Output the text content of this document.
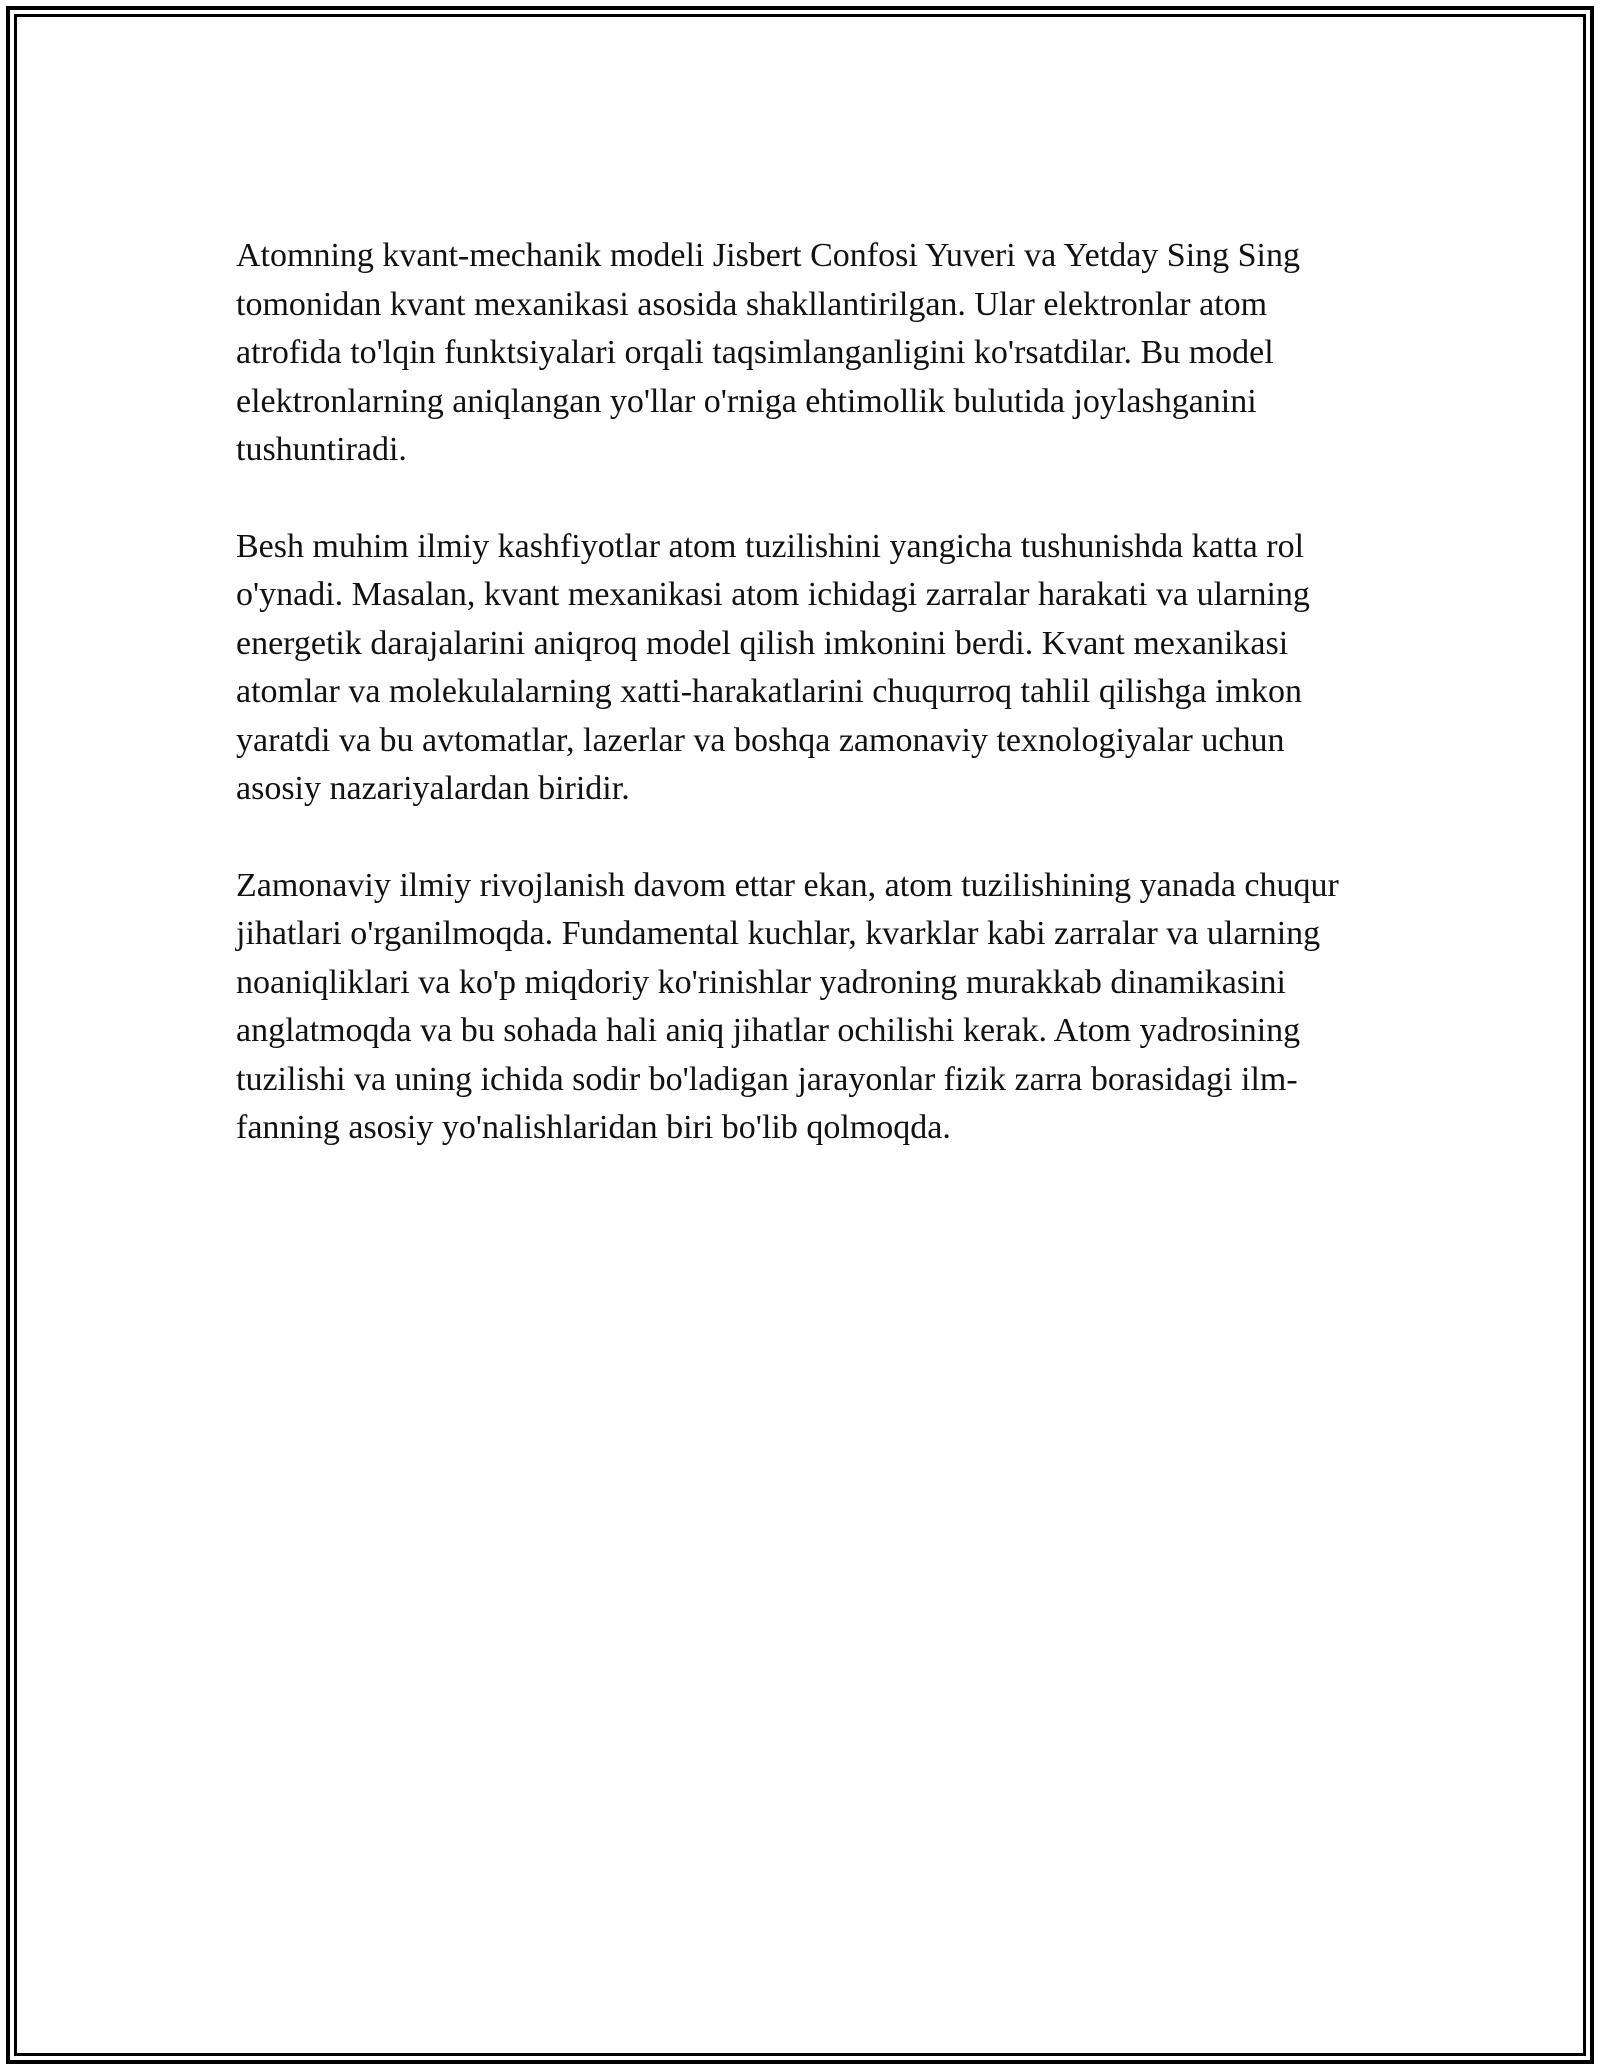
Atomning kvant-mechanik modeli Jisbert Confosi Yuveri va Yetday Sing Sing tomonidan kvant mexanikasi asosida shakllantirilgan. Ular elektronlar atom atrofida to'lqin funktsiyalari orqali taqsimlanganligini ko'rsatdilar. Bu model elektronlarning aniqlangan yo'llar o'rniga ehtimollik bulutida joylashganini tushuntiradi.

Besh muhim ilmiy kashfiyotlar atom tuzilishini yangicha tushunishda katta rol o'ynadi. Masalan, kvant mexanikasi atom ichidagi zarralar harakati va ularning energetik darajalarini aniqroq model qilish imkonini berdi. Kvant mexanikasi atomlar va molekulalarning xatti-harakatlarini chuqurroq tahlil qilishga imkon yaratdi va bu avtomatlar, lazerlar va boshqa zamonaviy texnologiyalar uchun asosiy nazariyalardan biridir.

Zamonaviy ilmiy rivojlanish davom ettar ekan, atom tuzilishining yanada chuqur jihatlari o'rganilmoqda. Fundamental kuchlar, kvarklar kabi zarralar va ularning noaniqliklari va ko'p miqdoriy ko'rinishlar yadroning murakkab dinamikasini anglatmoqda va bu sohada hali aniq jihatlar ochilishi kerak. Atom yadrosining tuzilishi va uning ichida sodir bo'ladigan jarayonlar fizik zarra borasidagi ilm-fanning asosiy yo'nalishlaridan biri bo'lib qolmoqda.
